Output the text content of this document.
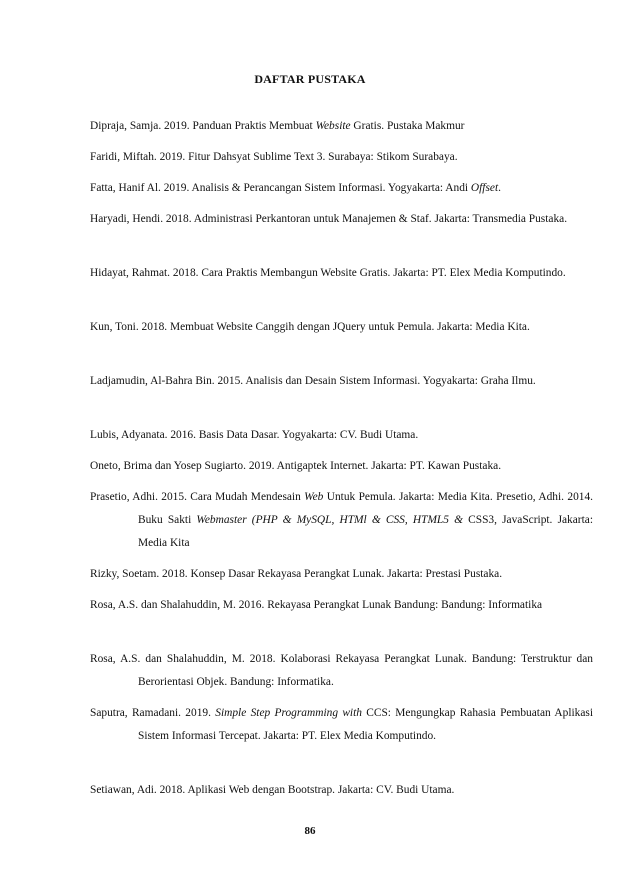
DAFTAR PUSTAKA
Dipraja, Samja. 2019. Panduan Praktis Membuat Website Gratis. Pustaka Makmur
Faridi, Miftah. 2019. Fitur Dahsyat Sublime Text 3. Surabaya: Stikom Surabaya.
Fatta, Hanif Al. 2019. Analisis & Perancangan Sistem Informasi. Yogyakarta: Andi Offset.
Haryadi, Hendi. 2018. Administrasi Perkantoran untuk Manajemen & Staf. Jakarta: Transmedia Pustaka.
Hidayat, Rahmat. 2018. Cara Praktis Membangun Website Gratis. Jakarta: PT. Elex Media Komputindo.
Kun, Toni. 2018. Membuat Website Canggih dengan JQuery untuk Pemula. Jakarta: Media Kita.
Ladjamudin, Al-Bahra Bin. 2015. Analisis dan Desain Sistem Informasi. Yogyakarta: Graha Ilmu.
Lubis, Adyanata. 2016. Basis Data Dasar. Yogyakarta: CV. Budi Utama.
Oneto, Brima dan Yosep Sugiarto. 2019. Antigaptek Internet. Jakarta: PT. Kawan Pustaka.
Prasetio, Adhi. 2015. Cara Mudah Mendesain Web Untuk Pemula. Jakarta: Media Kita. Presetio, Adhi. 2014. Buku Sakti Webmaster (PHP & MySQL, HTMl & CSS, HTML5 & CSS3, JavaScript. Jakarta: Media Kita
Rizky, Soetam. 2018. Konsep Dasar Rekayasa Perangkat Lunak. Jakarta: Prestasi Pustaka.
Rosa, A.S. dan Shalahuddin, M. 2016. Rekayasa Perangkat Lunak Bandung: Bandung: Informatika
Rosa, A.S. dan Shalahuddin, M. 2018. Kolaborasi Rekayasa Perangkat Lunak. Bandung: Terstruktur dan Berorientasi Objek. Bandung: Informatika.
Saputra, Ramadani. 2019. Simple Step Programming with CCS: Mengungkap Rahasia Pembuatan Aplikasi Sistem Informasi Tercepat. Jakarta: PT. Elex Media Komputindo.
Setiawan, Adi. 2018. Aplikasi Web dengan Bootstrap. Jakarta: CV. Budi Utama.
86
